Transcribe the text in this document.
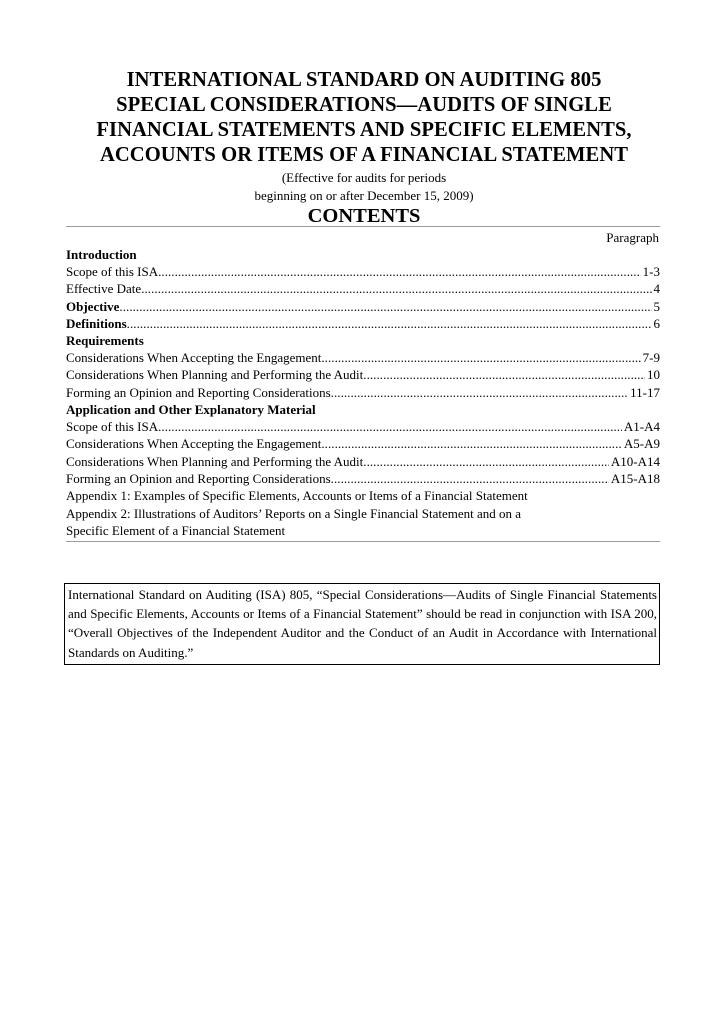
INTERNATIONAL STANDARD ON AUDITING 805
SPECIAL CONSIDERATIONS—AUDITS OF SINGLE
FINANCIAL STATEMENTS AND SPECIFIC ELEMENTS,
ACCOUNTS OR ITEMS OF A FINANCIAL STATEMENT
(Effective for audits for periods
beginning on or after December 15, 2009)
CONTENTS
Paragraph
Introduction
Scope of this ISA . . .	1-3
Effective Date . . .	4
Objective . . .	5
Definitions . . .	6
Requirements
Considerations When Accepting the Engagement . . .	7-9
Considerations When Planning and Performing the Audit . . .	10
Forming an Opinion and Reporting Considerations . . .	11-17
Application and Other Explanatory Material
Scope of this ISA . . .	A1-A4
Considerations When Accepting the Engagement . . .	A5-A9
Considerations When Planning and Performing the Audit . . .	A10-A14
Forming an Opinion and Reporting Considerations . . .	A15-A18
Appendix 1: Examples of Specific Elements, Accounts or Items of a Financial Statement
Appendix 2: Illustrations of Auditors’ Reports on a Single Financial Statement and on a
Specific Element of a Financial Statement
International Standard on Auditing (ISA) 805, “Special Considerations—Audits of Single Financial Statements and Specific Elements, Accounts or Items of a Financial Statement” should be read in conjunction with ISA 200, “Overall Objectives of the Independent Auditor and the Conduct of an Audit in Accordance with International Standards on Auditing.”
